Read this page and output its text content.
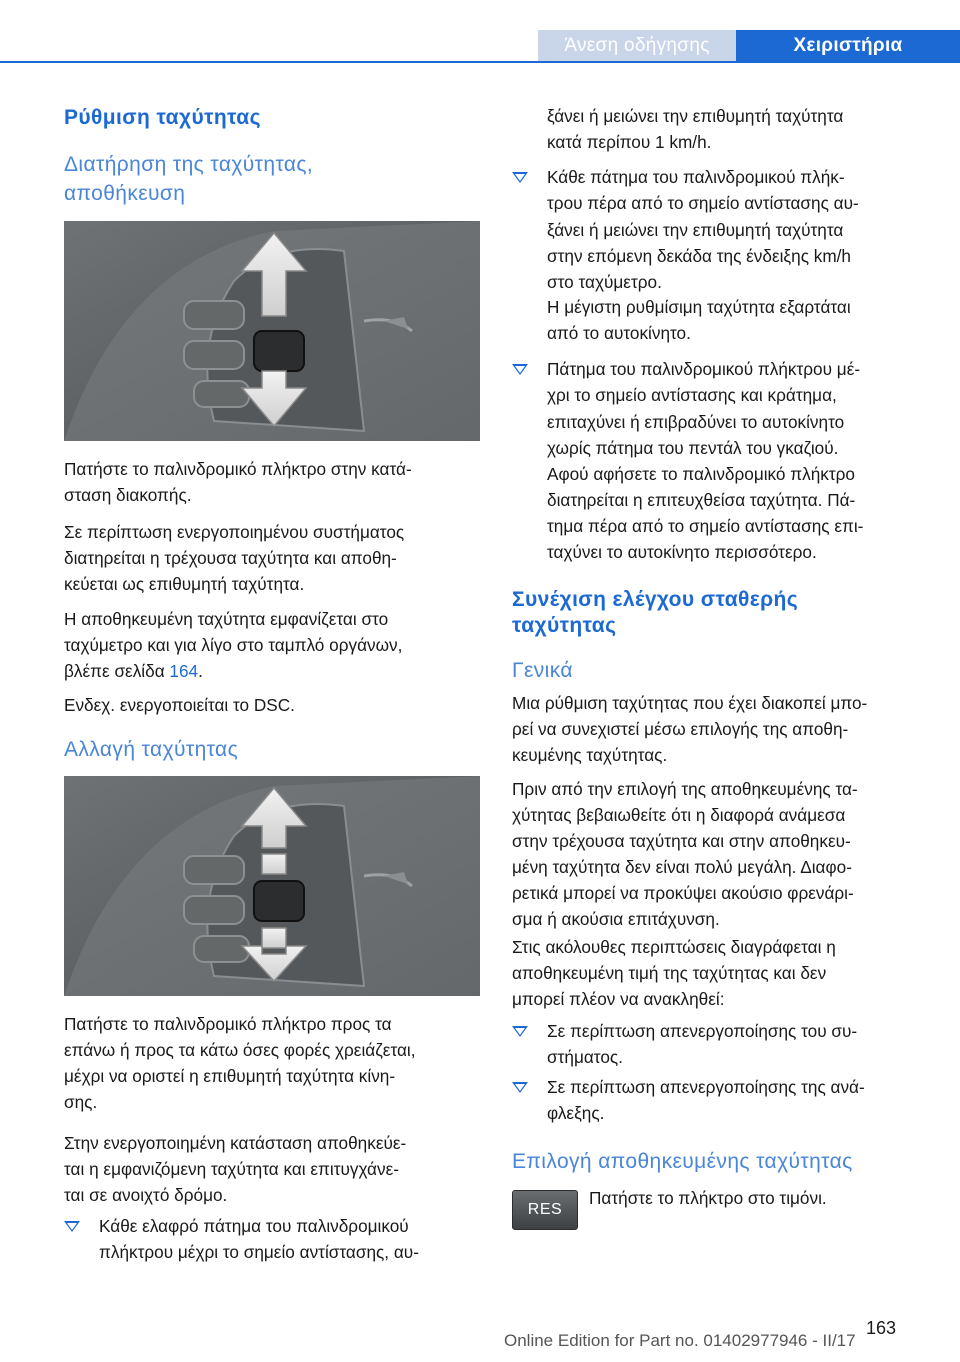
Άνεση οδήγησης	Χειριστήρια
Ρύθμιση ταχύτητας
Διατήρηση της ταχύτητας,
αποθήκευση

Πατήστε το παλινδρομικό πλήκτρο στην κατά-

σταση διακοπής.

Σε περίπτωση ενεργοποιημένου συστήματος

διατηρείται η τρέχουσα ταχύτητα και αποθη-

κεύεται ως επιθυμητή ταχύτητα.

Η αποθηκευμένη ταχύτητα εμφανίζεται στο

ταχύμετρο και για λίγο στο ταμπλό οργάνων,

βλέπε σελίδα 164.

Ενδεχ. ενεργοποιείται το DSC.

Αλλαγή ταχύτητας

Πατήστε το παλινδρομικό πλήκτρο προς τα

επάνω ή προς τα κάτω όσες φορές χρειάζεται,

μέχρι να οριστεί η επιθυμητή ταχύτητα κίνη-

σης.

Στην ενεργοποιημένη κατάσταση αποθηκεύε-

ται η εμφανιζόμενη ταχύτητα και επιτυγχάνε-

ται σε ανοιχτό δρόμο.

Κάθε ελαφρό πάτημα του παλινδρομικού
πλήκτρου μέχρι το σημείο αντίστασης, αυ-

ξάνει ή μειώνει την επιθυμητή ταχύτητα

κατά περίπου 1 km/h.

Κάθε πάτημα του παλινδρομικού πλήκ-
τρου πέρα από το σημείο αντίστασης αυ-
ξάνει ή μειώνει την επιθυμητή ταχύτητα
στην επόμενη δεκάδα της ένδειξης km/h
στο ταχύμετρο.

Η μέγιστη ρυθμίσιμη ταχύτητα εξαρτάται

από το αυτοκίνητο.

Πάτημα του παλινδρομικού πλήκτρου μέ-
χρι το σημείο αντίστασης και κράτημα,
επιταχύνει ή επιβραδύνει το αυτοκίνητο
χωρίς πάτημα του πεντάλ του γκαζιού.

Αφού αφήσετε το παλινδρομικό πλήκτρο

διατηρείται η επιτευχθείσα ταχύτητα. Πά-

τημα πέρα από το σημείο αντίστασης επι-

ταχύνει το αυτοκίνητο περισσότερο.

Συνέχιση ελέγχου σταθερής
ταχύτητας
Γενικά

Μια ρύθμιση ταχύτητας που έχει διακοπεί μπο-

ρεί να συνεχιστεί μέσω επιλογής της αποθη-

κευμένης ταχύτητας.

Πριν από την επιλογή της αποθηκευμένης τα-

χύτητας βεβαιωθείτε ότι η διαφορά ανάμεσα

στην τρέχουσα ταχύτητα και στην αποθηκευ-

μένη ταχύτητα δεν είναι πολύ μεγάλη. Διαφο-

ρετικά μπορεί να προκύψει ακούσιο φρενάρι-

σμα ή ακούσια επιτάχυνση.

Στις ακόλουθες περιπτώσεις διαγράφεται η

αποθηκευμένη τιμή της ταχύτητας και δεν

μπορεί πλέον να ανακληθεί:

Σε περίπτωση απενεργοποίησης του συ-
στήματος.
Σε περίπτωση απενεργοποίησης της ανά-
φλεξης.
Επιλογή αποθηκευμένης ταχύτητας
RES

Πατήστε το πλήκτρο στο τιμόνι.

Online Edition for Part no. 01402977946 - II/17
163
